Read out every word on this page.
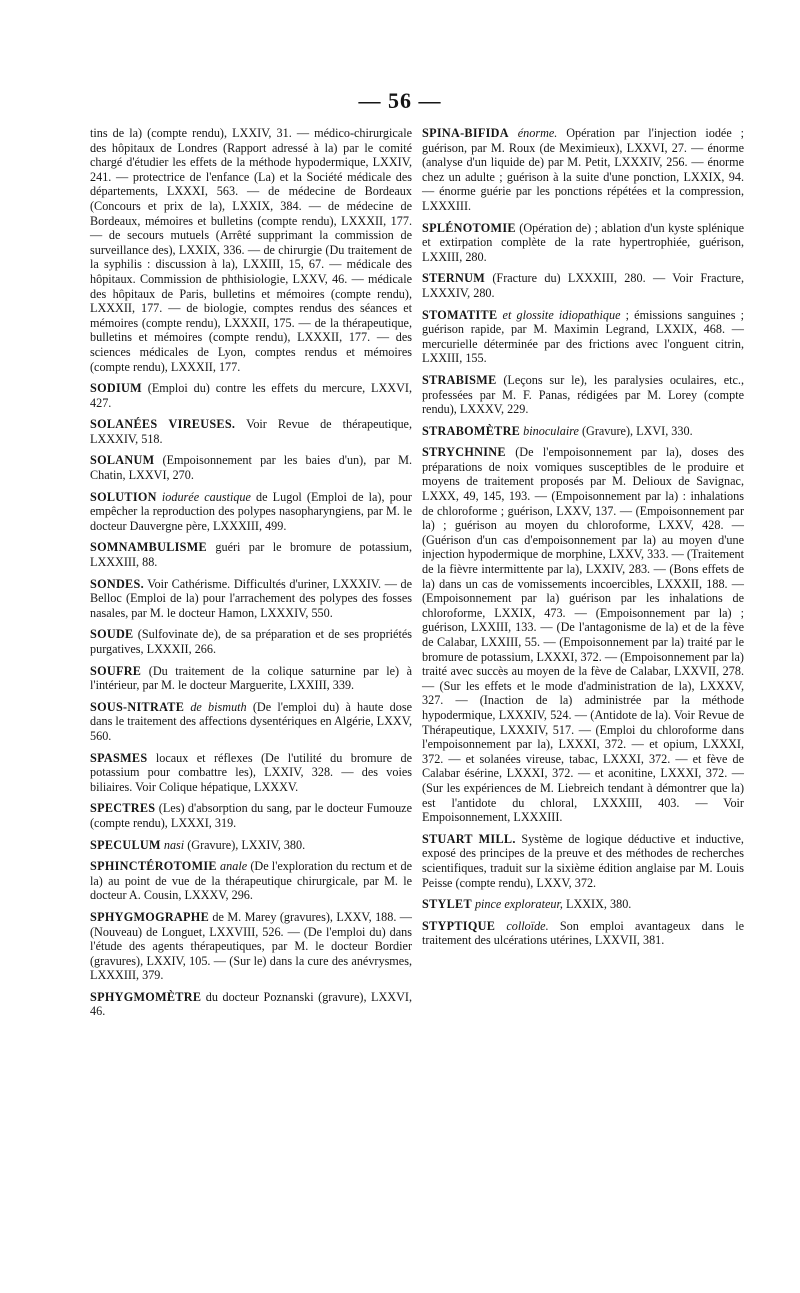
— 56 —

tins de la) (compte rendu), LXXIV, 31. — médico-chirurgicale des hôpitaux de Londres (Rapport adressé à la) par le comité chargé d'étudier les effets de la méthode hypodermique, LXXIV, 241. — protectrice de l'enfance (La) et la Société médicale des départements, LXXXI, 563. — de médecine de Bordeaux (Concours et prix de la), LXXIX, 384. — de médecine de Bordeaux, mémoires et bulletins (compte rendu), LXXXII, 177. — de secours mutuels (Arrêté supprimant la commission de surveillance des), LXXIX, 336. — de chirurgie (Du traitement de la syphilis : discussion à la), LXXIII, 15, 67. — médicale des hôpitaux. Commission de phthisiologie, LXXV, 46. — médicale des hôpitaux de Paris, bulletins et mémoires (compte rendu), LXXXII, 177. — de biologie, comptes rendus des séances et mémoires (compte rendu), LXXXII, 175. — de la thérapeutique, bulletins et mémoires (compte rendu), LXXXII, 177. — des sciences médicales de Lyon, comptes rendus et mémoires (compte rendu), LXXXII, 177.

SODIUM (Emploi du) contre les effets du mercure, LXXVI, 427.

SOLANÉES VIREUSES. Voir Revue de thérapeutique, LXXXIV, 518.

SOLANUM (Empoisonnement par les baies d'un), par M. Chatin, LXXVI, 270.

SOLUTION iodurée caustique de Lugol (Emploi de la), pour empêcher la reproduction des polypes nasopharyngiens, par M. le docteur Dauvergne père, LXXXIII, 499.

SOMNAMBULISME guéri par le bromure de potassium, LXXXIII, 88.

SONDES. Voir Cathérisme. Difficultés d'uriner, LXXXIV. — de Belloc (Emploi de la) pour l'arrachement des polypes des fosses nasales, par M. le docteur Hamon, LXXXIV, 550.

SOUDE (Sulfovinate de), de sa préparation et de ses propriétés purgatives, LXXXII, 266.

SOUFRE (Du traitement de la colique saturnine par le) à l'intérieur, par M. le docteur Marguerite, LXXIII, 339.

SOUS-NITRATE de bismuth (De l'emploi du) à haute dose dans le traitement des affections dysentériques en Algérie, LXXV, 560.

SPASMES locaux et réflexes (De l'utilité du bromure de potassium pour combattre les), LXXIV, 328. — des voies biliaires. Voir Colique hépatique, LXXXV.

SPECTRES (Les) d'absorption du sang, par le docteur Fumouze (compte rendu), LXXXI, 319.

SPECULUM nasi (Gravure), LXXIV, 380.

SPHINCTÉROTOMIE anale (De l'exploration du rectum et de la) au point de vue de la thérapeutique chirurgicale, par M. le docteur A. Cousin, LXXXV, 296.

SPHYGMOGRAPHE de M. Marey (gravures), LXXV, 188. — (Nouveau) de Longuet, LXXVIII, 526. — (De l'emploi du) dans l'étude des agents thérapeutiques, par M. le docteur Bordier (gravures), LXXIV, 105. — (Sur le) dans la cure des anévrysmes, LXXXIII, 379.

SPHYGMOMÈTRE du docteur Poznanski (gravure), LXXVI, 46.

SPINA-BIFIDA énorme. Opération par l'injection iodée ; guérison, par M. Roux (de Meximieux), LXXVI, 27. — énorme (analyse d'un liquide de) par M. Petit, LXXXIV, 256. — énorme chez un adulte ; guérison à la suite d'une ponction, LXXIX, 94. — énorme guérie par les ponctions répétées et la compression, LXXXIII.

SPLÉNOTOMIE (Opération de) ; ablation d'un kyste splénique et extirpation complète de la rate hypertrophiée, guérison, LXXIII, 280.

STERNUM (Fracture du) LXXXIII, 280. — Voir Fracture, LXXXIV, 280.

STOMATITE et glossite idiopathique ; émissions sanguines ; guérison rapide, par M. Maximin Legrand, LXXIX, 468. — mercurielle déterminée par des frictions avec l'onguent citrin, LXXIII, 155.

STRABISME (Leçons sur le), les paralysies oculaires, etc., professées par M. F. Panas, rédigées par M. Lorey (compte rendu), LXXXV, 229.

STRABOMÈTRE binoculaire (Gravure), LXVI, 330.

STRYCHNINE (De l'empoisonnement par la), doses des préparations de noix vomiques susceptibles de le produire et moyens de traitement proposés par M. Delioux de Savignac, LXXX, 49, 145, 193. — (Empoisonnement par la) : inhalations de chloroforme ; guérison, LXXV, 137. — (Empoisonnement par la) ; guérison au moyen du chloroforme, LXXV, 428. — (Guérison d'un cas d'empoisonnement par la) au moyen d'une injection hypodermique de morphine, LXXV, 333. — (Traitement de la fièvre intermittente par la), LXXIV, 283. — (Bons effets de la) dans un cas de vomissements incoercibles, LXXXII, 188. — (Empoisonnement par la) guérison par les inhalations de chloroforme, LXXIX, 473. — (Empoisonnement par la) ; guérison, LXXIII, 133. — (De l'antagonisme de la) et de la fève de Calabar, LXXIII, 55. — (Empoisonnement par la) traité par le bromure de potassium, LXXXI, 372. — (Empoisonnement par la) traité avec succès au moyen de la fève de Calabar, LXXVII, 278. — (Sur les effets et le mode d'administration de la), LXXXV, 327. — (Inaction de la) administrée par la méthode hypodermique, LXXXIV, 524. — (Antidote de la). Voir Revue de Thérapeutique, LXXXIV, 517. — (Emploi du chloroforme dans l'empoisonnement par la), LXXXI, 372. — et opium, LXXXI, 372. — et solanées vireuse, tabac, LXXXI, 372. — et fève de Calabar ésérine, LXXXI, 372. — et aconitine, LXXXI, 372. — (Sur les expériences de M. Liebreich tendant à démontrer que la) est l'antidote du chloral, LXXXIII, 403. — Voir Empoisonnement, LXXXIII.

STUART MILL. Système de logique déductive et inductive, exposé des principes de la preuve et des méthodes de recherches scientifiques, traduit sur la sixième édition anglaise par M. Louis Peisse (compte rendu), LXXV, 372.

STYLET pince explorateur, LXXIX, 380.

STYPTIQUE colloïde. Son emploi avantageux dans le traitement des ulcérations utérines, LXXVII, 381.
